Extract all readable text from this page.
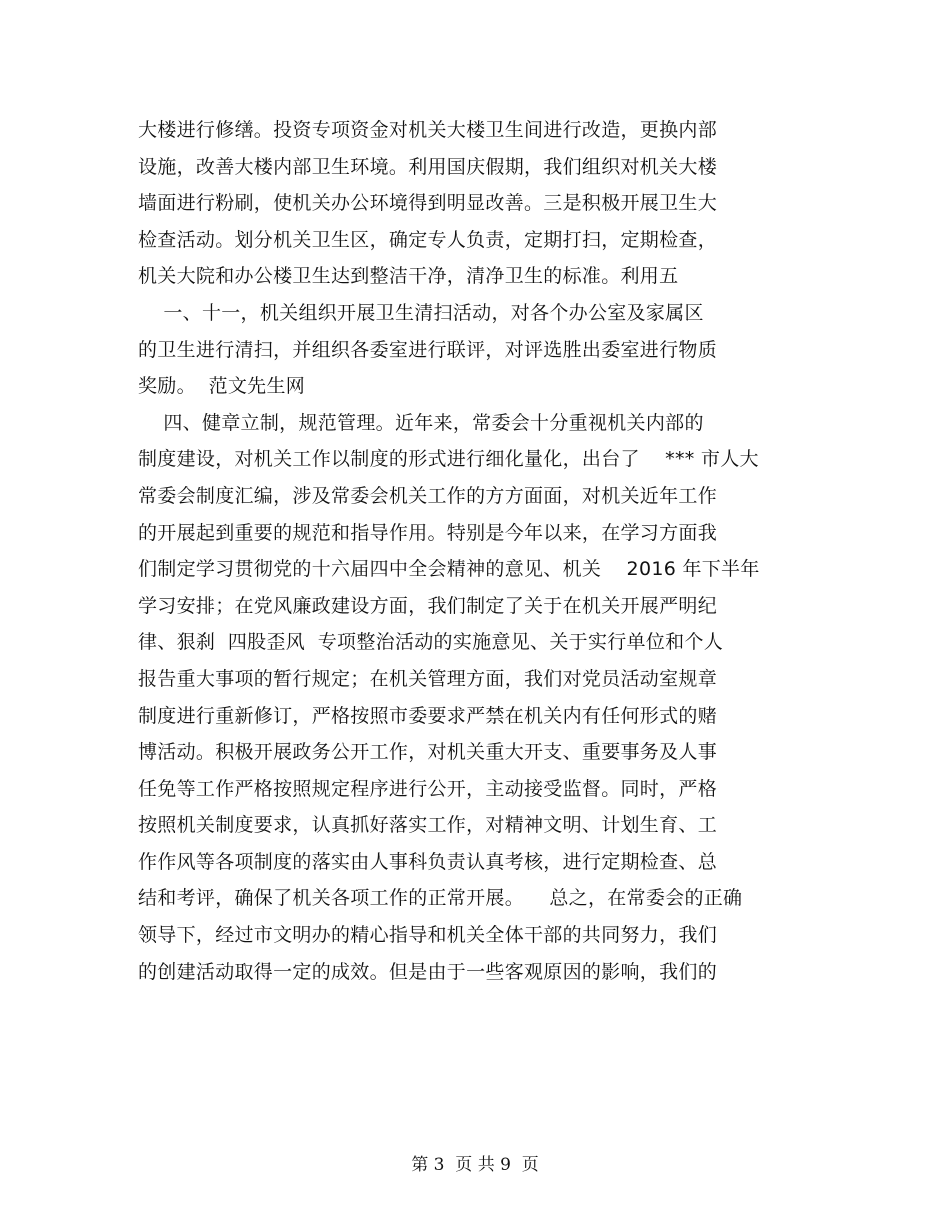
大楼进行修缮。投资专项资金对机关大楼卫生间进行改造，更换内部
设施，改善大楼内部卫生环境。利用国庆假期，我们组织对机关大楼
墙面进行粉刷，使机关办公环境得到明显改善。三是积极开展卫生大
检查活动。划分机关卫生区，确定专人负责，定期打扫，定期检查，
机关大院和办公楼卫生达到整洁干净，清净卫生的标准。利用五
一、十一，机关组织开展卫生清扫活动，对各个办公室及家属区
的卫生进行清扫，并组织各委室进行联评，对评选胜出委室进行物质
奖励。  范文先生网
四、健章立制，规范管理。近年来，常委会十分重视机关内部的
制度建设，对机关工作以制度的形式进行细化量化，出台了    *** 市人大
常委会制度汇编，涉及常委会机关工作的方方面面，对机关近年工作
的开展起到重要的规范和指导作用。特别是今年以来，在学习方面我
们制定学习贯彻党的十六届四中全会精神的意见、机关    2016 年下半年
学习安排；在党风廉政建设方面，我们制定了关于在机关开展严明纪
律、狠刹  四股歪风  专项整治活动的实施意见、关于实行单位和个人
报告重大事项的暂行规定；在机关管理方面，我们对党员活动室规章
制度进行重新修订，严格按照市委要求严禁在机关内有任何形式的赌
博活动。积极开展政务公开工作，对机关重大开支、重要事务及人事
任免等工作严格按照规定程序进行公开，主动接受监督。同时，严格
按照机关制度要求，认真抓好落实工作，对精神文明、计划生育、工
作作风等各项制度的落实由人事科负责认真考核，进行定期检查、总
结和考评，确保了机关各项工作的正常开展。    总之，在常委会的正确
领导下，经过市文明办的精心指导和机关全体干部的共同努力，我们
的创建活动取得一定的成效。但是由于一些客观原因的影响，我们的
第 3  页 共 9  页
